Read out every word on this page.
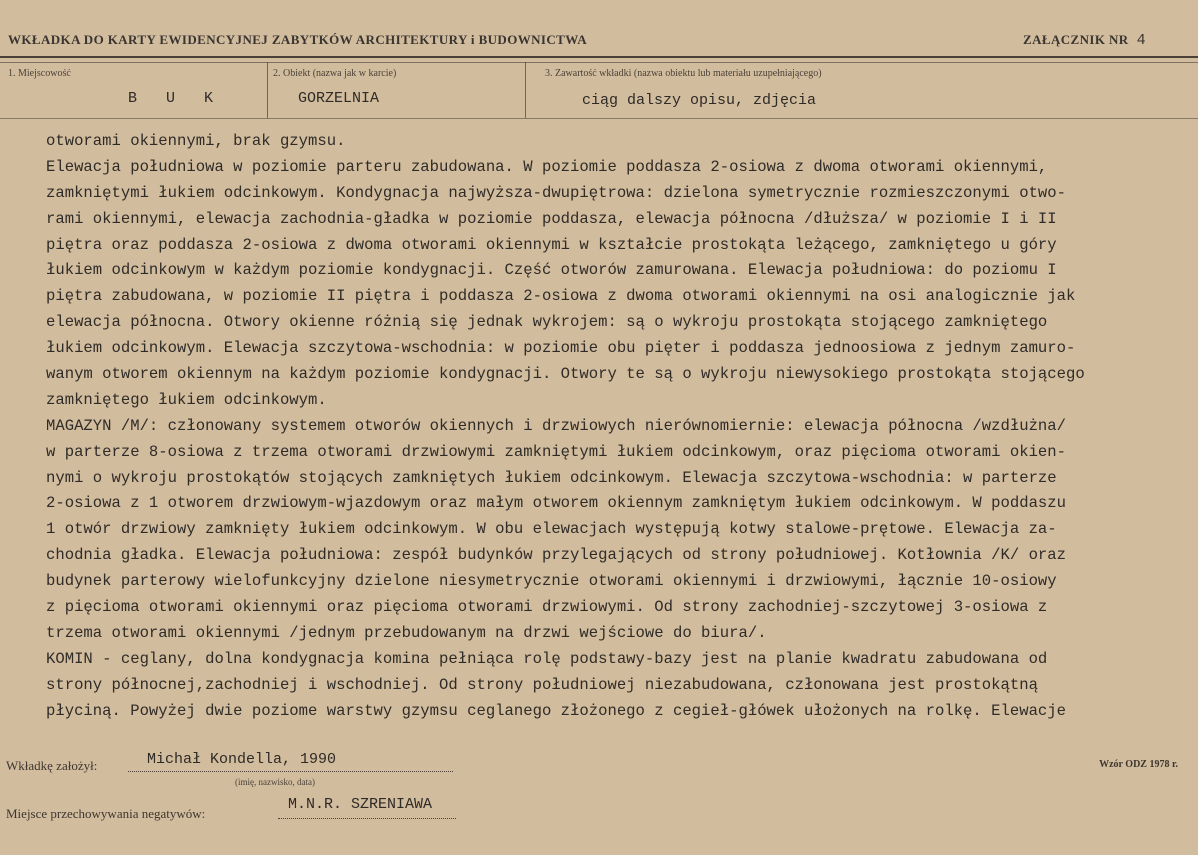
WKŁADKA DO KARTY EWIDENCYJNEJ ZABYTKÓW ARCHITEKTURY i BUDOWNICTWA	ZAŁĄCZNIK NR 4
1. Miejscowość	2. Obiekt (nazwa jak w karcie)	3. Zawartość wkładki (nazwa obiektu lub materiału uzupełniającego)
B U K	GORZELNIA	ciąg dalszy opisu, zdjęcia
otworami okiennymi, brak gzymsu.
Elewacja południowa w poziomie parteru zabudowana. W poziomie poddasza 2-osiowa z dwoma otworami okiennymi,
zamkniętymi łukiem odcinkowym. Kondygnacja najwyższa-dwupiętrowa: dzielona symetrycznie rozmieszczonymi otwo-
rami okiennymi, elewacja zachodnia-gładka w poziomie poddasza, elewacja północna /dłuższa/ w poziomie I i II
piętra oraz poddasza 2-osiowa z dwoma otworami okiennymi w kształcie prostokąta leżącego, zamkniętego u góry
łukiem odcinkowym w każdym poziomie kondygnacji. Część otworów zamurowana. Elewacja południowa: do poziomu I
piętra zabudowana, w poziomie II piętra i poddasza 2-osiowa z dwoma otworami okiennymi na osi analogicznie jak
elewacja północna. Otwory okienne różnią się jednak wykrojem: są o wykroju prostokąta stojącego zamkniętego
łukiem odcinkowym. Elewacja szczytowa-wschodnia: w poziomie obu pięter i poddasza jednoosiowa z jednym zamuro-
wanym otworem okiennym na każdym poziomie kondygnacji. Otwory te są o wykroju niewysokiego prostokąta stojącego
zamkniętego łukiem odcinkowym.
MAGAZYN /M/: członowany systemem otworów okiennych i drzwiowych nierównomiernie: elewacja północna /wzdłużna/
w parterze 8-osiowa z trzema otworami drzwiowymi zamkniętymi łukiem odcinkowym, oraz pięcioma otworami okien-
nymi o wykroju prostokątów stojących zamkniętych łukiem odcinkowym. Elewacja szczytowa-wschodnia: w parterze
2-osiowa z 1 otworem drzwiowym-wjazdowym oraz małym otworem okiennym zamkniętym łukiem odcinkowym. W poddaszu
1 otwór drzwiowy zamknięty łukiem odcinkowym. W obu elewacjach występują kotwy stalowe-prętowe. Elewacja za-
chodnia gładka. Elewacja południowa: zespół budynków przylegających od strony południowej. Kotłownia /K/ oraz
budynek parterowy wielofunkcyjny dzielone niesymetrycznie otworami okiennymi i drzwiowymi, łącznie 10-osiowy
z pięcioma otworami okiennymi oraz pięcioma otworami drzwiowymi. Od strony zachodniej-szczytowej 3-osiowa z
trzema otworami okiennymi /jednym przebudowanym na drzwi wejściowe do biura/.
KOMIN - ceglany, dolna kondygnacja komina pełniąca rolę podstawy-bazy jest na planie kwadratu zabudowana od
strony północnej,zachodniej i wschodniej. Od strony południowej niezabudowana, członowana jest prostokątną
płyciną. Powyżej dwie poziome warstwy gzymsu ceglanego złożonego z cegieł-główek ułożonych na rolkę. Elewacje
Wkładkę założył:	Michał Kondella, 1990
(imię, nazwisko, data)
Wzór ODZ 1978 r.
Miejsce przechowywania negatywów:
M.N.R. SZRENIAWA
